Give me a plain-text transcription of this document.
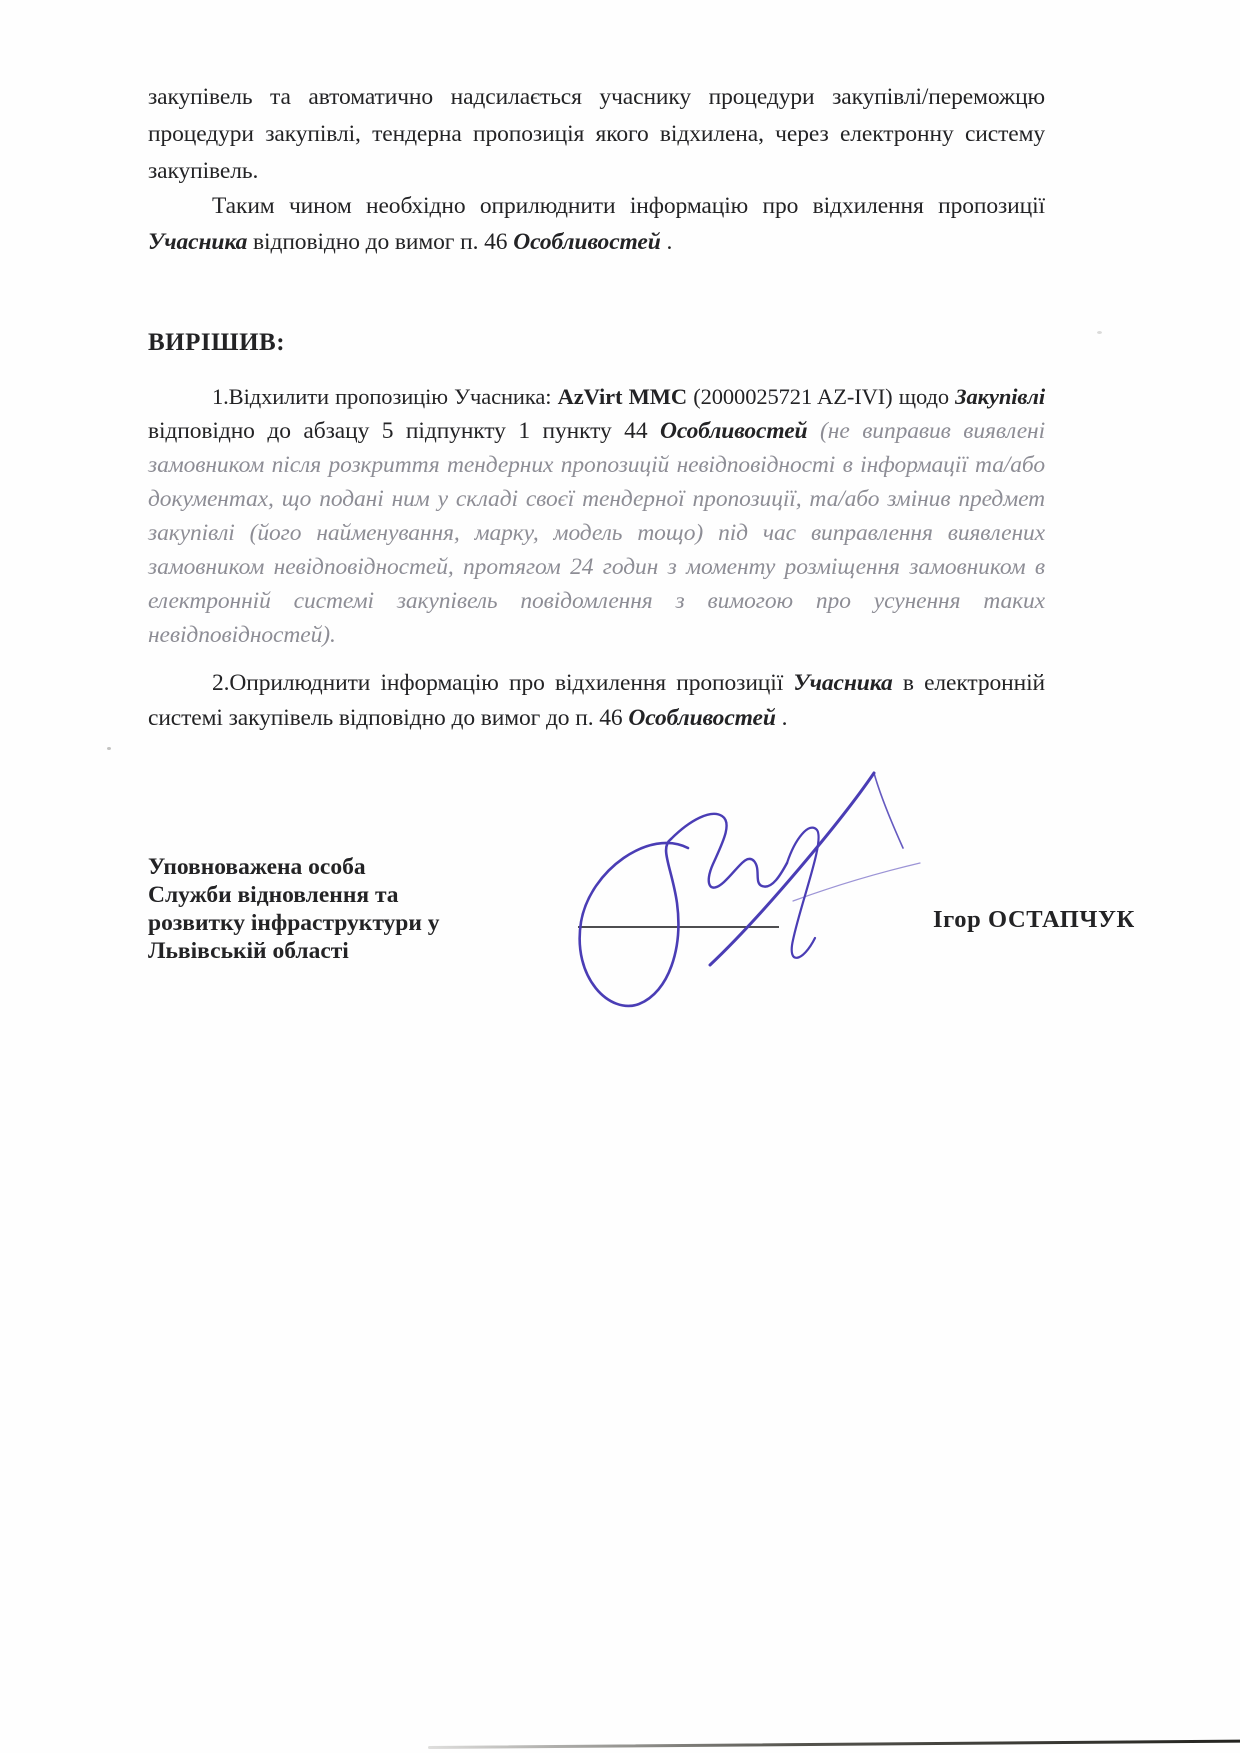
закупівель та автоматично надсилається учаснику процедури закупівлі/переможцю
процедури закупівлі, тендерна пропозиція якого відхилена, через електронну систему
закупівель.
Таким чином необхідно оприлюднити інформацію про відхилення пропозиції
Учасника відповідно до вимог п. 46 Особливостей .
ВИРІШИВ:
1.Відхилити пропозицію Учасника: AzVirt MMC (2000025721 AZ-IVI) щодо Закупівлі
відповідно до абзацу 5 підпункту 1 пункту 44 Особливостей (не виправив виявлені
замовником після розкриття тендерних пропозицій невідповідності в інформації та/або
документах, що подані ним у складі своєї тендерної пропозиції, та/або змінив предмет
закупівлі (його найменування, марку, модель тощо) під час виправлення виявлених
замовником невідповідностей, протягом 24 годин з моменту розміщення замовником в
електронній системі закупівель повідомлення з вимогою про усунення таких
невідповідностей).
2.Оприлюднити інформацію про відхилення пропозиції Учасника в електронній
системі закупівель відповідно до вимог до п. 46 Особливостей .
Уповноважена особа
Служби відновлення та
розвитку інфраструктури у
Львівській області
Ігор ОСТАПЧУК
